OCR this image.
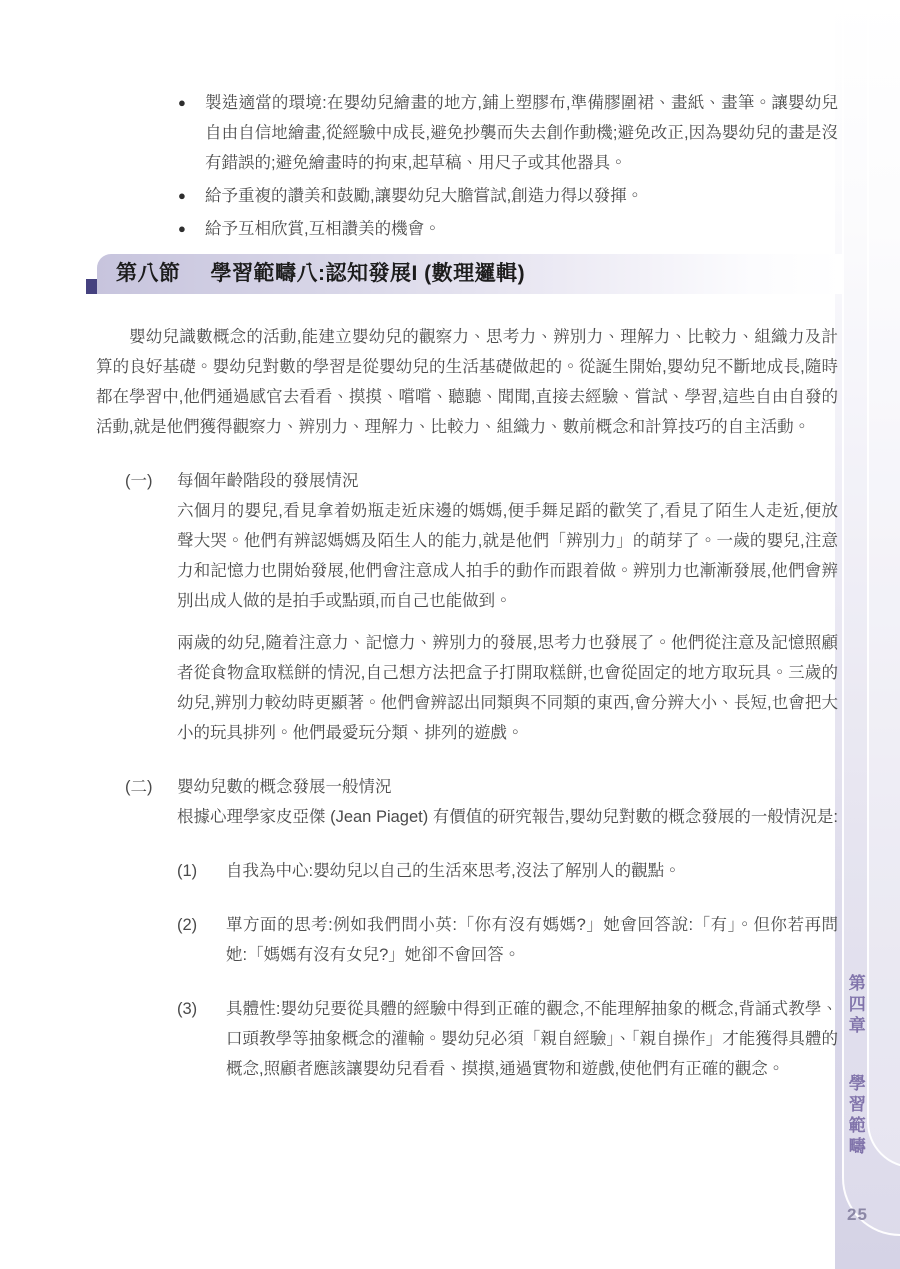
第四章 學習範疇
25
● 製造適當的環境:在嬰幼兒繪畫的地方,鋪上塑膠布,準備膠圍裙、畫紙、畫筆。讓嬰幼兒自由自信地繪畫,從經驗中成長,避免抄襲而失去創作動機;避免改正,因為嬰幼兒的畫是沒有錯誤的;避免繪畫時的拘束,起草稿、用尺子或其他器具。
● 給予重複的讚美和鼓勵,讓嬰幼兒大膽嘗試,創造力得以發揮。
● 給予互相欣賞,互相讚美的機會。
第八節 學習範疇八:認知發展I (數理邏輯)

嬰幼兒識數概念的活動,能建立嬰幼兒的觀察力、思考力、辨別力、理解力、比較力、組織力及計算的良好基礎。嬰幼兒對數的學習是從嬰幼兒的生活基礎做起的。從誕生開始,嬰幼兒不斷地成長,隨時都在學習中,他們通過感官去看看、摸摸、嚐嚐、聽聽、聞聞,直接去經驗、嘗試、學習,這些自由自發的活動,就是他們獲得觀察力、辨別力、理解力、比較力、組織力、數前概念和計算技巧的自主活動。

(一)	每個年齡階段的發展情況

六個月的嬰兒,看見拿着奶瓶走近床邊的媽媽,便手舞足蹈的歡笑了,看見了陌生人走近,便放聲大哭。他們有辨認媽媽及陌生人的能力,就是他們「辨別力」的萌芽了。一歲的嬰兒,注意力和記憶力也開始發展,他們會注意成人拍手的動作而跟着做。辨別力也漸漸發展,他們會辨別出成人做的是拍手或點頭,而自己也能做到。

兩歲的幼兒,隨着注意力、記憶力、辨別力的發展,思考力也發展了。他們從注意及記憶照顧者從食物盒取糕餅的情況,自己想方法把盒子打開取糕餅,也會從固定的地方取玩具。三歲的幼兒,辨別力較幼時更顯著。他們會辨認出同類與不同類的東西,會分辨大小、長短,也會把大小的玩具排列。他們最愛玩分類、排列的遊戲。

(二)	嬰幼兒數的概念發展一般情況

根據心理學家皮亞傑 (Jean Piaget) 有價值的研究報告,嬰幼兒對數的概念發展的一般情況是:

(1)	自我為中心:嬰幼兒以自己的生活來思考,沒法了解別人的觀點。

(2)	單方面的思考:例如我們問小英:「你有沒有媽媽?」她會回答說:「有」。但你若再問她:「媽媽有沒有女兒?」她卻不會回答。

(3)	具體性:嬰幼兒要從具體的經驗中得到正確的觀念,不能理解抽象的概念,背誦式教學、口頭教學等抽象概念的灌輸。嬰幼兒必須「親自經驗」、「親自操作」才能獲得具體的概念,照顧者應該讓嬰幼兒看看、摸摸,通過實物和遊戲,使他們有正確的觀念。
